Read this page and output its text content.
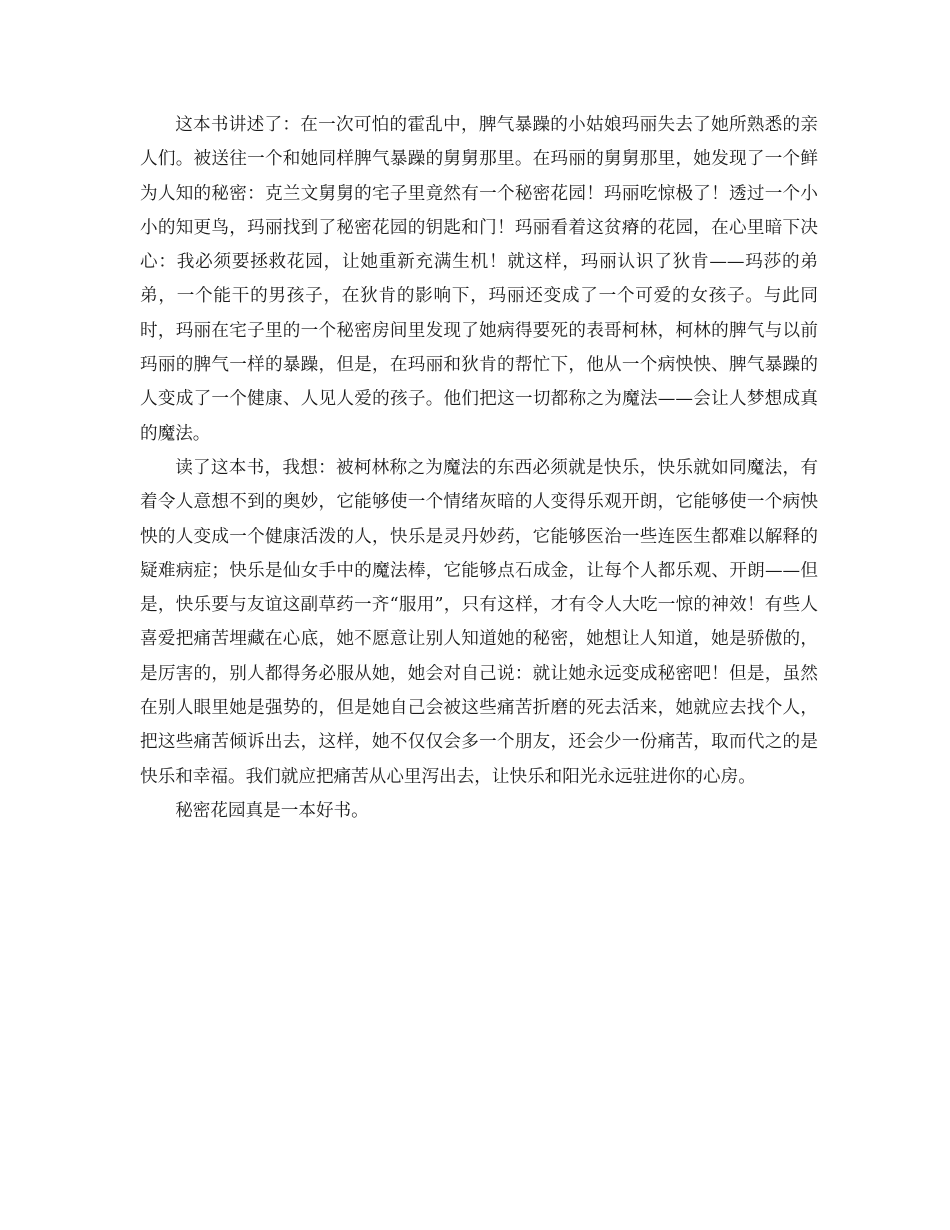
这本书讲述了：在一次可怕的霍乱中，脾气暴躁的小姑娘玛丽失去了她所熟悉的亲人们。被送往一个和她同样脾气暴躁的舅舅那里。在玛丽的舅舅那里，她发现了一个鲜为人知的秘密：克兰文舅舅的宅子里竟然有一个秘密花园！玛丽吃惊极了！透过一个小小的知更鸟，玛丽找到了秘密花园的钥匙和门！玛丽看着这贫瘠的花园，在心里暗下决心：我必须要拯救花园，让她重新充满生机！就这样，玛丽认识了狄肯——玛莎的弟弟，一个能干的男孩子，在狄肯的影响下，玛丽还变成了一个可爱的女孩子。与此同时，玛丽在宅子里的一个秘密房间里发现了她病得要死的表哥柯林，柯林的脾气与以前玛丽的脾气一样的暴躁，但是，在玛丽和狄肯的帮忙下，他从一个病怏怏、脾气暴躁的人变成了一个健康、人见人爱的孩子。他们把这一切都称之为魔法——会让人梦想成真的魔法。

读了这本书，我想：被柯林称之为魔法的东西必须就是快乐，快乐就如同魔法，有着令人意想不到的奥妙，它能够使一个情绪灰暗的人变得乐观开朗，它能够使一个病怏怏的人变成一个健康活泼的人，快乐是灵丹妙药，它能够医治一些连医生都难以解释的疑难病症；快乐是仙女手中的魔法棒，它能够点石成金，让每个人都乐观、开朗——但是，快乐要与友谊这副草药一齐“服用”，只有这样，才有令人大吃一惊的神效！有些人喜爱把痛苦埋藏在心底，她不愿意让别人知道她的秘密，她想让人知道，她是骄傲的，是厉害的，别人都得务必服从她，她会对自己说：就让她永远变成秘密吧！但是，虽然在别人眼里她是强势的，但是她自己会被这些痛苦折磨的死去活来，她就应去找个人，把这些痛苦倾诉出去，这样，她不仅仅会多一个朋友，还会少一份痛苦，取而代之的是快乐和幸福。我们就应把痛苦从心里泻出去，让快乐和阳光永远驻进你的心房。

秘密花园真是一本好书。
